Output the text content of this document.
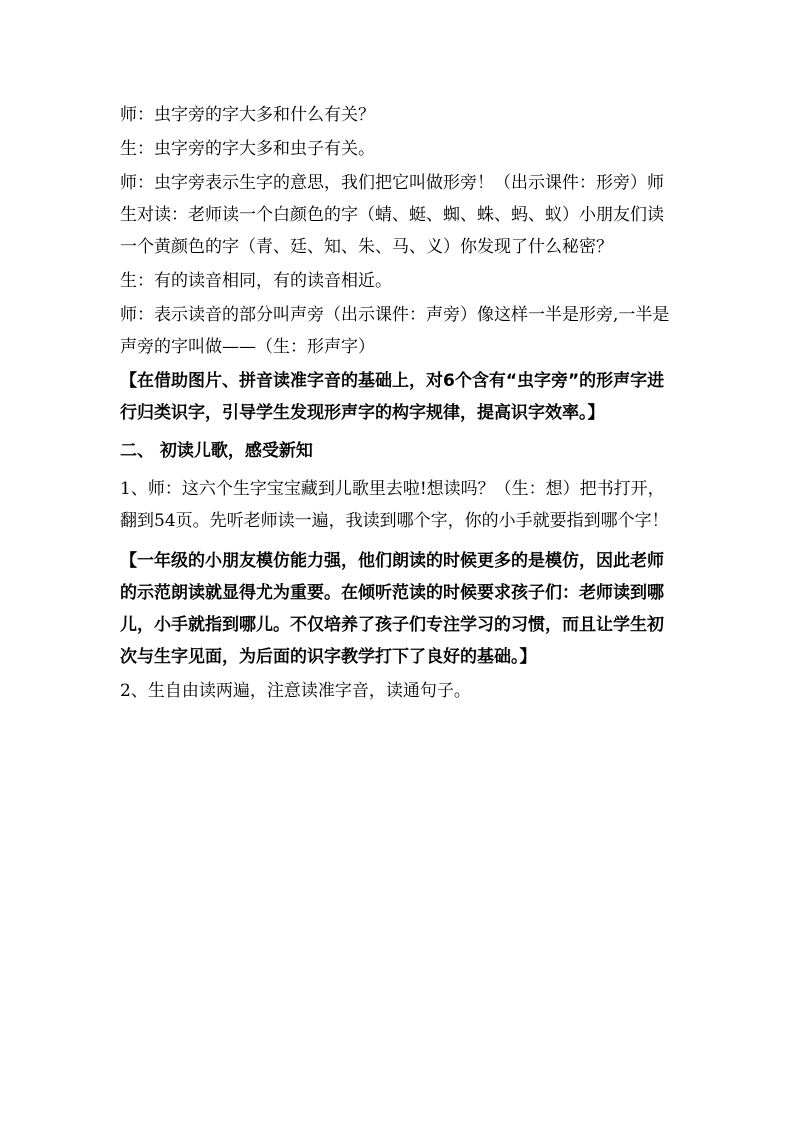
师：虫字旁的字大多和什么有关？

生：虫字旁的字大多和虫子有关。

师：虫字旁表示生字的意思，我们把它叫做形旁！（出示课件：形旁）师生对读：老师读一个白颜色的字（蜻、蜓、蜘、蛛、蚂、蚁）小朋友们读一个黄颜色的字（青、廷、知、朱、马、义）你发现了什么秘密？

生：有的读音相同，有的读音相近。

师：表示读音的部分叫声旁（出示课件：声旁）像这样一半是形旁,一半是声旁的字叫做——（生：形声字）

【在借助图片、拼音读准字音的基础上，对6个含有“虫字旁”的形声字进行归类识字，引导学生发现形声字的构字规律，提高识字效率。】

二、 初读儿歌，感受新知

1、师：这六个生字宝宝藏到儿歌里去啦!想读吗？（生：想）把书打开，翻到54页。先听老师读一遍，我读到哪个字，你的小手就要指到哪个字！

【一年级的小朋友模仿能力强，他们朗读的时候更多的是模仿，因此老师的示范朗读就显得尤为重要。在倾听范读的时候要求孩子们：老师读到哪儿，小手就指到哪儿。不仅培养了孩子们专注学习的习惯，而且让学生初次与生字见面，为后面的识字教学打下了良好的基础。】

2、生自由读两遍，注意读准字音，读通句子。
